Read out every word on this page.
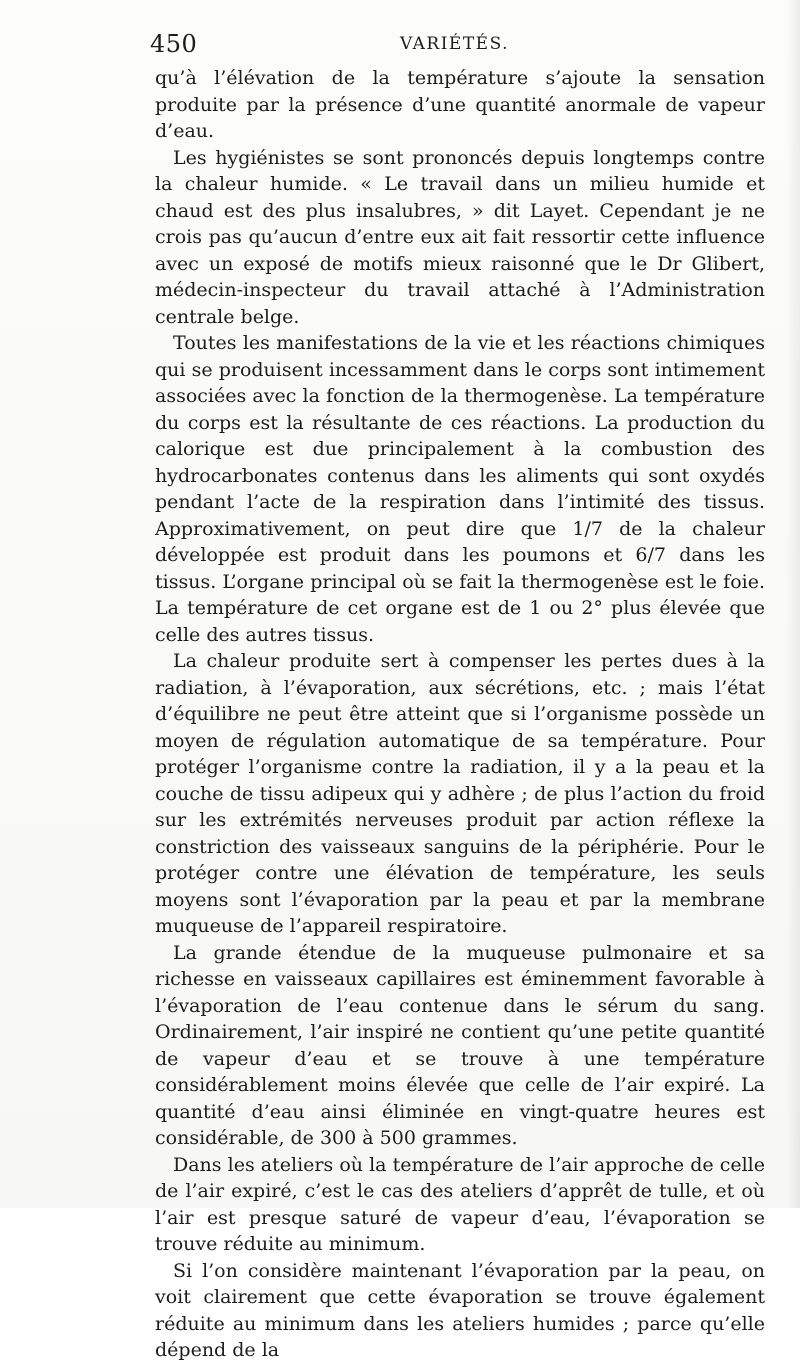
450	VARIÉTÉS.

qu’à l’élévation de la température s’ajoute la sensation produite par la présence d’une quantité anormale de vapeur d’eau.

Les hygiénistes se sont prononcés depuis longtemps contre la chaleur humide. « Le travail dans un milieu humide et chaud est des plus insalubres, » dit Layet. Cependant je ne crois pas qu’aucun d’entre eux ait fait ressortir cette influence avec un exposé de motifs mieux raisonné que le Dr Glibert, médecin-inspecteur du travail attaché à l’Administration centrale belge.

Toutes les manifestations de la vie et les réactions chimiques qui se produisent incessamment dans le corps sont intimement associées avec la fonction de la thermogenèse. La température du corps est la résultante de ces réactions. La production du calorique est due principalement à la combustion des hydrocarbonates contenus dans les aliments qui sont oxydés pendant l’acte de la respiration dans l’intimité des tissus. Approximativement, on peut dire que 1/7 de la chaleur développée est produit dans les poumons et 6/7 dans les tissus. L’organe principal où se fait la thermogenèse est le foie. La température de cet organe est de 1 ou 2° plus élevée que celle des autres tissus.

La chaleur produite sert à compenser les pertes dues à la radiation, à l’évaporation, aux sécrétions, etc. ; mais l’état d’équilibre ne peut être atteint que si l’organisme possède un moyen de régulation automatique de sa température. Pour protéger l’organisme contre la radiation, il y a la peau et la couche de tissu adipeux qui y adhère ; de plus l’action du froid sur les extrémités nerveuses produit par action réflexe la constriction des vaisseaux sanguins de la périphérie. Pour le protéger contre une élévation de température, les seuls moyens sont l’évaporation par la peau et par la membrane muqueuse de l’appareil respiratoire.

La grande étendue de la muqueuse pulmonaire et sa richesse en vaisseaux capillaires est éminemment favorable à l’évaporation de l’eau contenue dans le sérum du sang. Ordinairement, l’air inspiré ne contient qu’une petite quantité de vapeur d’eau et se trouve à une température considérablement moins élevée que celle de l’air expiré. La quantité d’eau ainsi éliminée en vingt-quatre heures est considérable, de 300 à 500 grammes.

Dans les ateliers où la température de l’air approche de celle de l’air expiré, c’est le cas des ateliers d’apprêt de tulle, et où l’air est presque saturé de vapeur d’eau, l’évaporation se trouve réduite au minimum.

Si l’on considère maintenant l’évaporation par la peau, on voit clairement que cette évaporation se trouve également réduite au minimum dans les ateliers humides ; parce qu’elle dépend de la
